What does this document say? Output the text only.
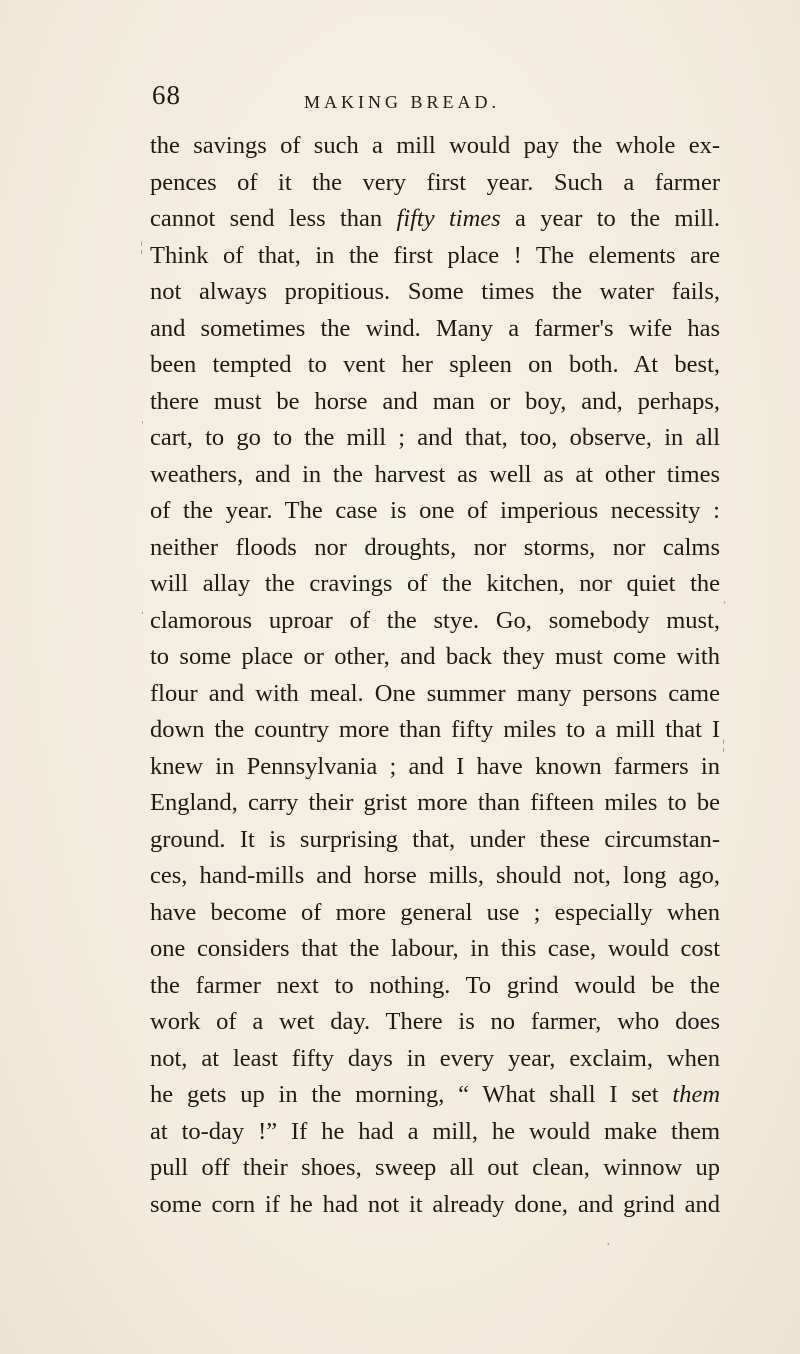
68	MAKING BREAD.
the savings of such a mill would pay the whole ex-
pences of it the very first year. Such a farmer
cannot send less than fifty times a year to the mill.
Think of that, in the first place ! The elements are
not always propitious. Some times the water fails,
and sometimes the wind. Many a farmer's wife has
been tempted to vent her spleen on both. At best,
there must be horse and man or boy, and, perhaps,
cart, to go to the mill ; and that, too, observe, in all
weathers, and in the harvest as well as at other times
of the year. The case is one of imperious necessity :
neither floods nor droughts, nor storms, nor calms
will allay the cravings of the kitchen, nor quiet the
clamorous uproar of the stye. Go, somebody must,
to some place or other, and back they must come with
flour and with meal. One summer many persons came
down the country more than fifty miles to a mill that I
knew in Pennsylvania ; and I have known farmers in
England, carry their grist more than fifteen miles to be
ground. It is surprising that, under these circumstan-
ces, hand-mills and horse mills, should not, long ago,
have become of more general use ; especially when
one considers that the labour, in this case, would cost
the farmer next to nothing. To grind would be the
work of a wet day. There is no farmer, who does
not, at least fifty days in every year, exclaim, when
he gets up in the morning, “ What shall I set them
at to-day !” If he had a mill, he would make them
pull off their shoes, sweep all out clean, winnow up
some corn if he had not it already done, and grind and
¦
ˈ
ˌ	ˈ
¦
·
